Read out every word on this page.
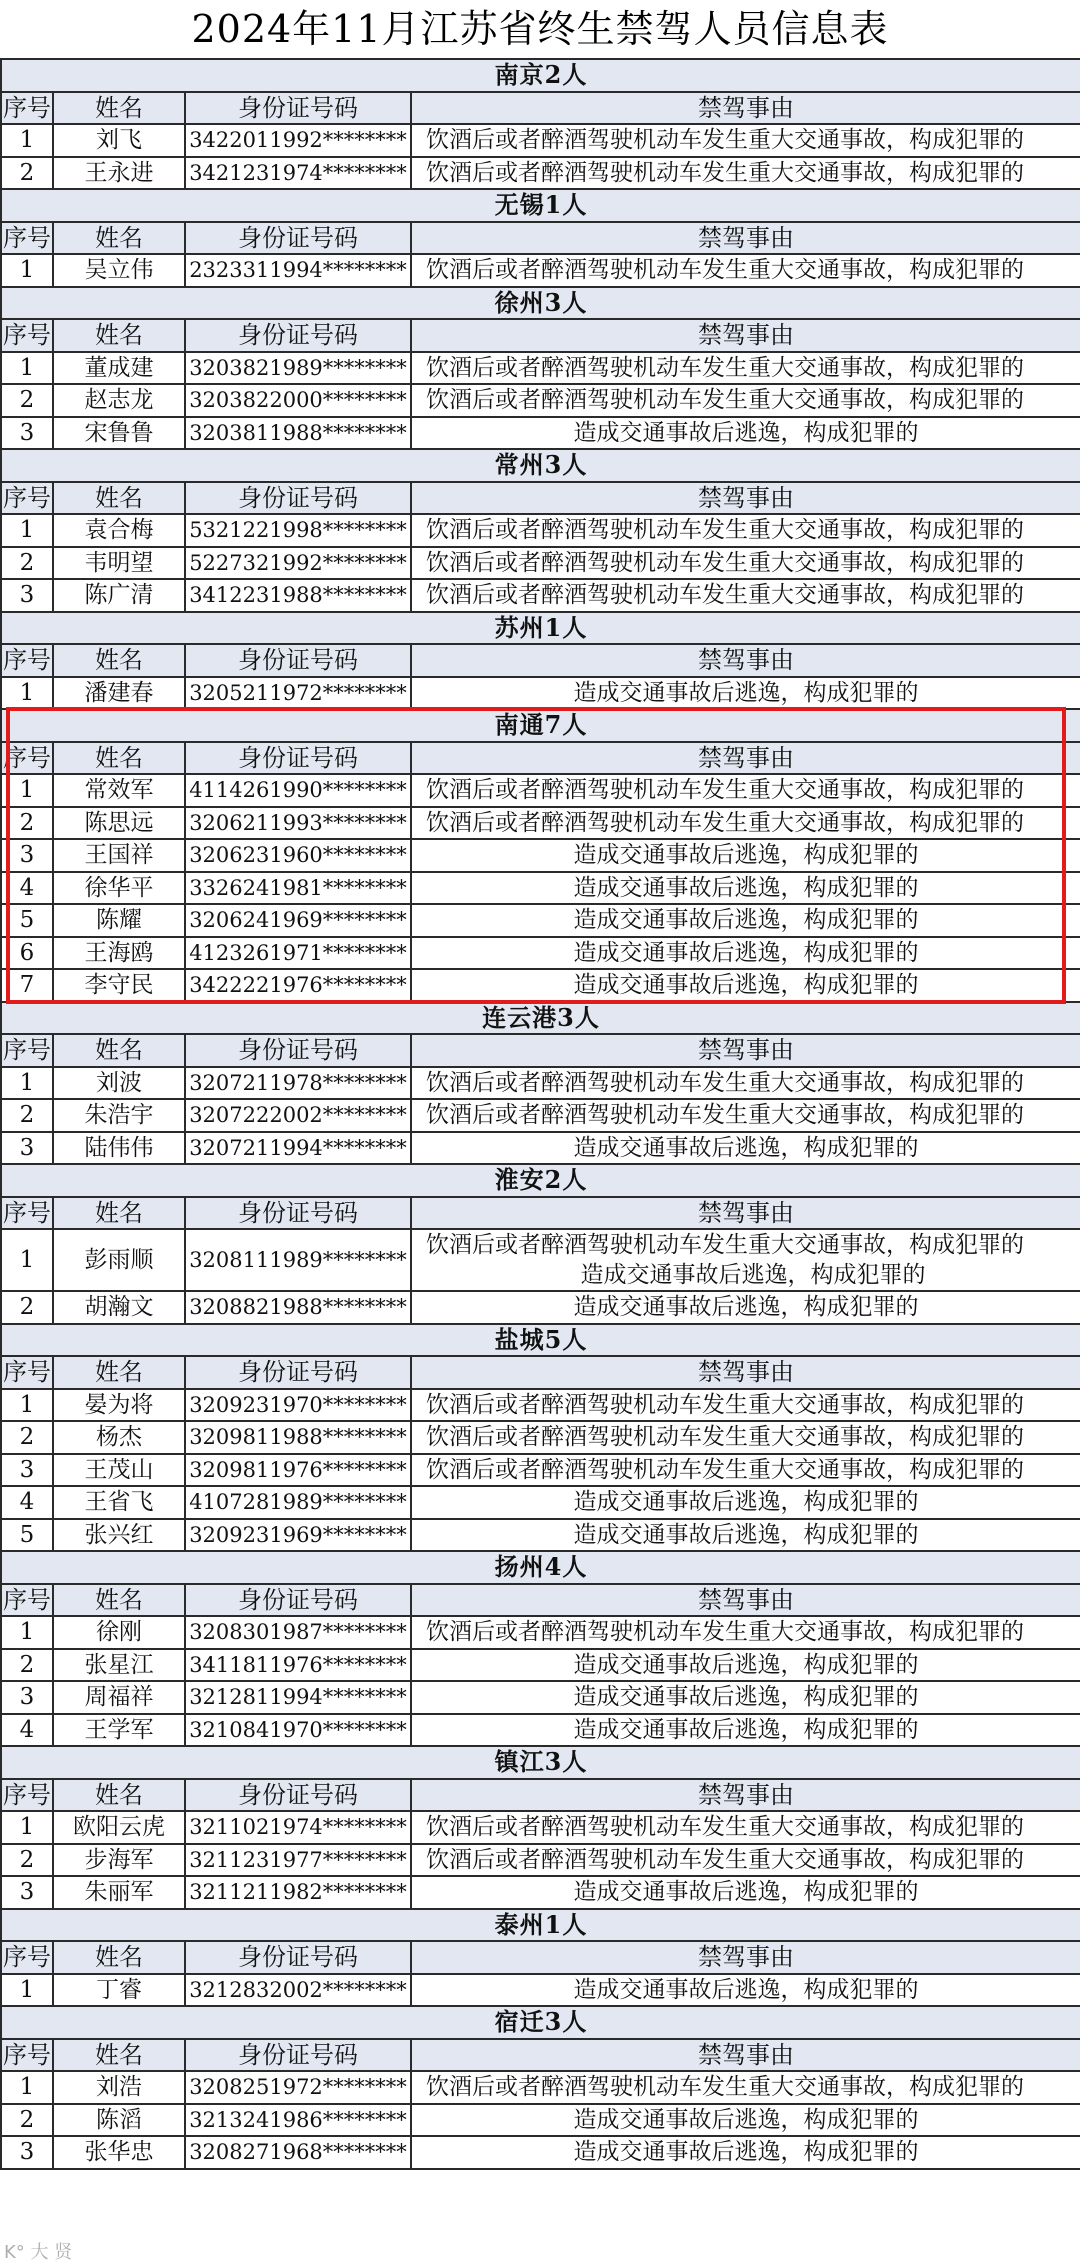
2024年11月江苏省终生禁驾人员信息表
南京2人			
序号	姓名	身份证号码	禁驾事由
1	刘飞	3422011992********	饮酒后或者醉酒驾驶机动车发生重大交通事故，构成犯罪的

2	王永进	3421231974********	饮酒后或者醉酒驾驶机动车发生重大交通事故，构成犯罪的

无锡1人			
序号	姓名	身份证号码	禁驾事由
1	吴立伟	2323311994********	饮酒后或者醉酒驾驶机动车发生重大交通事故，构成犯罪的

徐州3人			
序号	姓名	身份证号码	禁驾事由
1	董成建	3203821989********	饮酒后或者醉酒驾驶机动车发生重大交通事故，构成犯罪的

2	赵志龙	3203822000********	饮酒后或者醉酒驾驶机动车发生重大交通事故，构成犯罪的

3	宋鲁鲁	3203811988********	造成交通事故后逃逸，构成犯罪的

常州3人			
序号	姓名	身份证号码	禁驾事由
1	袁合梅	5321221998********	饮酒后或者醉酒驾驶机动车发生重大交通事故，构成犯罪的

2	韦明望	5227321992********	饮酒后或者醉酒驾驶机动车发生重大交通事故，构成犯罪的

3	陈广清	3412231988********	饮酒后或者醉酒驾驶机动车发生重大交通事故，构成犯罪的

苏州1人			
序号	姓名	身份证号码	禁驾事由
1	潘建春	3205211972********	造成交通事故后逃逸，构成犯罪的

南通7人			
序号	姓名	身份证号码	禁驾事由
1	常效军	4114261990********	饮酒后或者醉酒驾驶机动车发生重大交通事故，构成犯罪的

2	陈思远	3206211993********	饮酒后或者醉酒驾驶机动车发生重大交通事故，构成犯罪的

3	王国祥	3206231960********	造成交通事故后逃逸，构成犯罪的

4	徐华平	3326241981********	造成交通事故后逃逸，构成犯罪的

5	陈耀	3206241969********	造成交通事故后逃逸，构成犯罪的

6	王海鸥	4123261971********	造成交通事故后逃逸，构成犯罪的

7	李守民	3422221976********	造成交通事故后逃逸，构成犯罪的

连云港3人			
序号	姓名	身份证号码	禁驾事由
1	刘波	3207211978********	饮酒后或者醉酒驾驶机动车发生重大交通事故，构成犯罪的

2	朱浩宇	3207222002********	饮酒后或者醉酒驾驶机动车发生重大交通事故，构成犯罪的

3	陆伟伟	3207211994********	造成交通事故后逃逸，构成犯罪的

淮安2人			
序号	姓名	身份证号码	禁驾事由
1	彭雨顺	3208111989********	饮酒后或者醉酒驾驶机动车发生重大交通事故，构成犯罪的
造成交通事故后逃逸，构成犯罪的

2	胡瀚文	3208821988********	造成交通事故后逃逸，构成犯罪的

盐城5人			
序号	姓名	身份证号码	禁驾事由
1	晏为将	3209231970********	饮酒后或者醉酒驾驶机动车发生重大交通事故，构成犯罪的

2	杨杰	3209811988********	饮酒后或者醉酒驾驶机动车发生重大交通事故，构成犯罪的

3	王茂山	3209811976********	饮酒后或者醉酒驾驶机动车发生重大交通事故，构成犯罪的

4	王省飞	4107281989********	造成交通事故后逃逸，构成犯罪的

5	张兴红	3209231969********	造成交通事故后逃逸，构成犯罪的

扬州4人			
序号	姓名	身份证号码	禁驾事由
1	徐刚	3208301987********	饮酒后或者醉酒驾驶机动车发生重大交通事故，构成犯罪的

2	张星江	3411811976********	造成交通事故后逃逸，构成犯罪的

3	周福祥	3212811994********	造成交通事故后逃逸，构成犯罪的

4	王学军	3210841970********	造成交通事故后逃逸，构成犯罪的

镇江3人			
序号	姓名	身份证号码	禁驾事由
1	欧阳云虎	3211021974********	饮酒后或者醉酒驾驶机动车发生重大交通事故，构成犯罪的

2	步海军	3211231977********	饮酒后或者醉酒驾驶机动车发生重大交通事故，构成犯罪的

3	朱丽军	3211211982********	造成交通事故后逃逸，构成犯罪的

泰州1人			
序号	姓名	身份证号码	禁驾事由
1	丁睿	3212832002********	造成交通事故后逃逸，构成犯罪的

宿迁3人			
序号	姓名	身份证号码	禁驾事由
1	刘浩	3208251972********	饮酒后或者醉酒驾驶机动车发生重大交通事故，构成犯罪的

2	陈滔	3213241986********	造成交通事故后逃逸，构成犯罪的

3	张华忠	3208271968********	造成交通事故后逃逸，构成犯罪的
K° 大 贤
